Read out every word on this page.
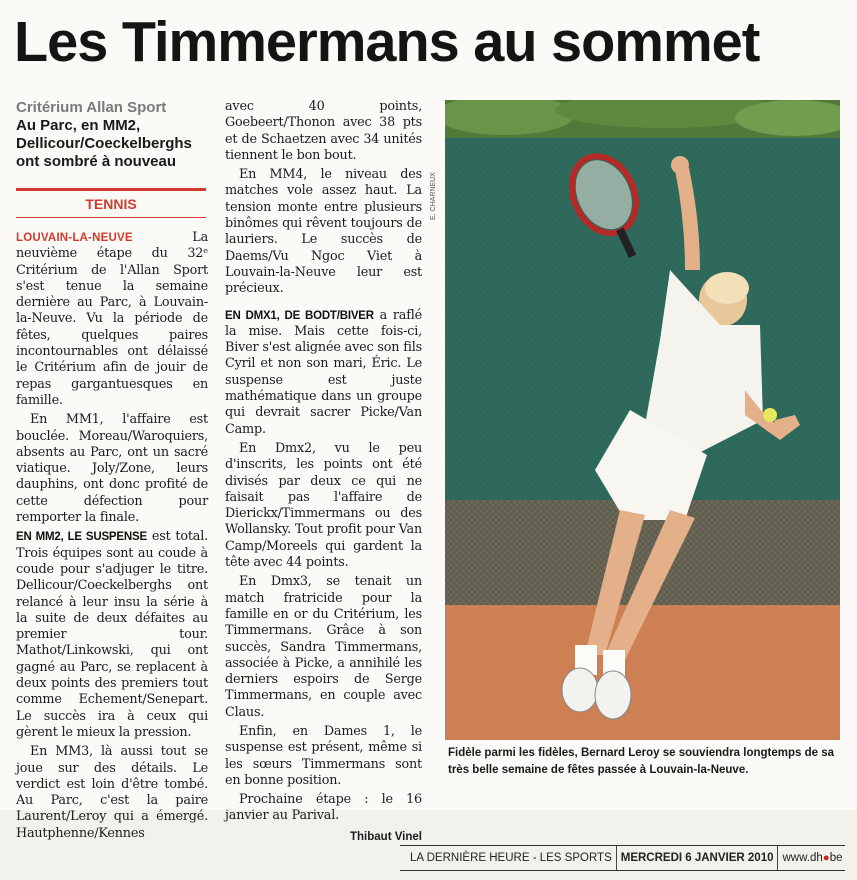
Les Timmermans au sommet
Critérium Allan Sport
Au Parc, en MM2, Dellicour/Coeckelberghs ont sombré à nouveau
TENNIS

LOUVAIN-LA-NEUVE	La neuvième étape du 32ᵉ Critérium de l'Allan Sport s'est tenue la semaine dernière au Parc, à Louvain-la-Neuve. Vu la période de fêtes, quelques paires incontournables ont délaissé le Critérium afin de jouir de repas gargantuesques en famille.

En MM1, l'affaire est bouclée. Moreau/Waroquiers, absents au Parc, ont un sacré viatique. Joly/Zone, leurs dauphins, ont donc profité de cette défection pour remporter la finale.

EN MM2, LE SUSPENSE est total. Trois équipes sont au coude à coude pour s'adjuger le titre. Dellicour/Coeckelberghs ont relancé à leur insu la série à la suite de deux défaites au premier tour. Mathot/Linkowski, qui ont gagné au Parc, se replacent à deux points des premiers tout comme Echement/Senepart. Le succès ira à ceux qui gèrent le mieux la pression.

En MM3, là aussi tout se joue sur des détails. Le verdict est loin d'être tombé. Au Parc, c'est la paire Laurent/Leroy qui a émergé. Hautphenne/Kennes

avec 40 points, Goebeert/Thonon avec 38 pts et de Schaetzen avec 34 unités tiennent le bon bout.

En MM4, le niveau des matches vole assez haut. La tension monte entre plusieurs binômes qui rêvent toujours de lauriers. Le succès de Daems/Vu Ngoc Viet à Louvain-la-Neuve leur est précieux.

EN DMX1, DE BODT/BIVER a raflé la mise. Mais cette fois-ci, Biver s'est alignée avec son fils Cyril et non son mari, Éric. Le suspense est juste mathématique dans un groupe qui devrait sacrer Picke/Van Camp.

En Dmx2, vu le peu d'inscrits, les points ont été divisés par deux ce qui ne faisait pas l'affaire de Dierickx/Timmermans ou des Wollansky. Tout profit pour Van Camp/Moreels qui gardent la tête avec 44 points.

En Dmx3, se tenait un match fratricide pour la famille en or du Critérium, les Timmermans. Grâce à son succès, Sandra Timmermans, associée à Picke, a annihilé les derniers espoirs de Serge Timmermans, en couple avec Claus.

Enfin, en Dames 1, le suspense est présent, même si les sœurs Timmermans sont en bonne position.

Prochaine étape : le 16 janvier au Parival.

Thibaut Vinel
E. CHARNEUX
Fidèle parmi les fidèles, Bernard Leroy se souviendra longtemps de sa très belle semaine de fêtes passée à Louvain-la-Neuve.
LA DERNIÈRE HEURE - LES SPORTS MERCREDI 6 JANVIER 2010 www.dh●be
